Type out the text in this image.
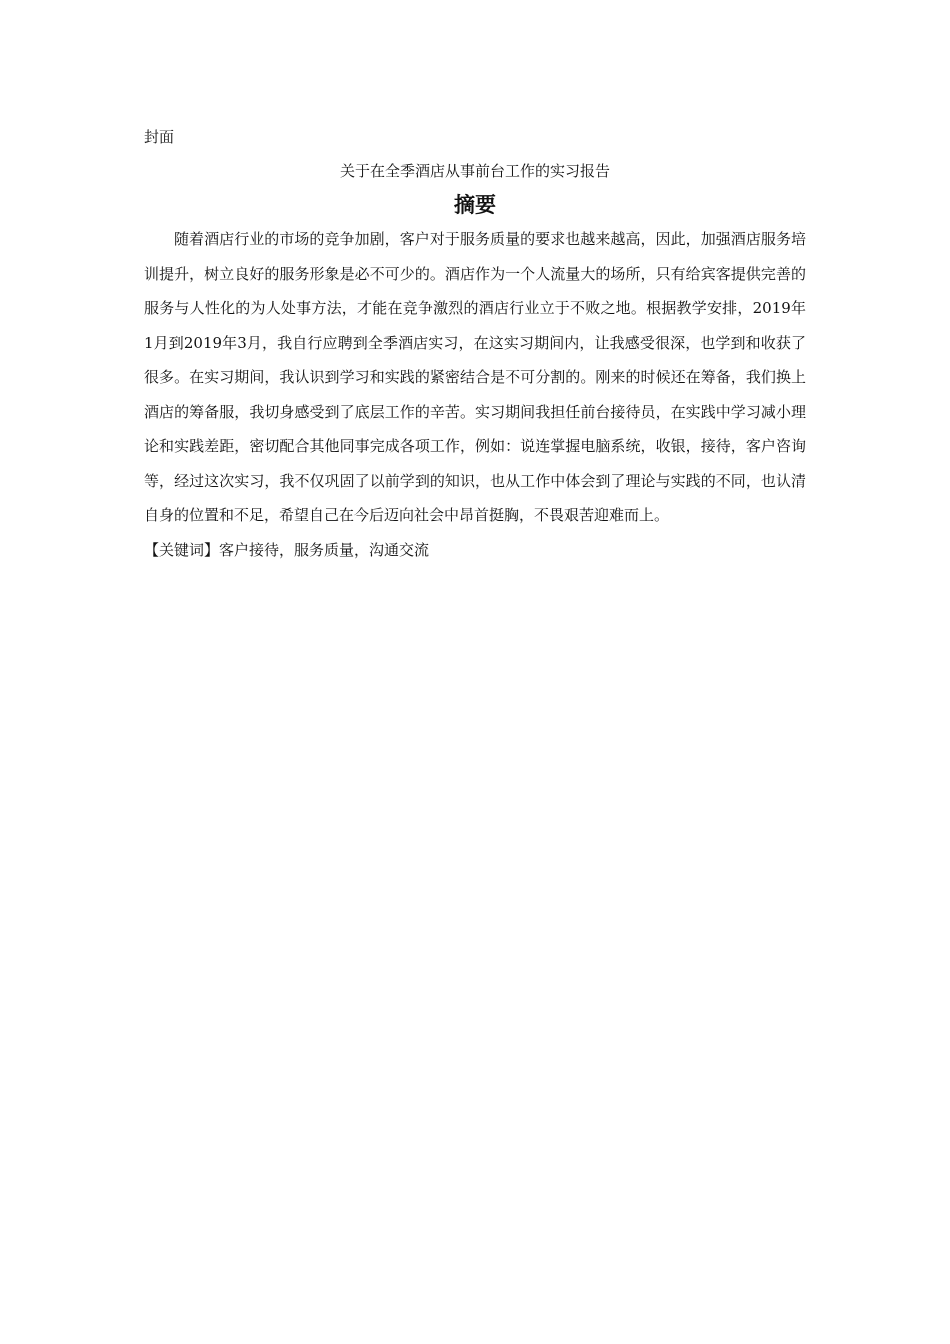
封面

关于在全季酒店从事前台工作的实习报告

摘要

随着酒店行业的市场的竞争加剧，客户对于服务质量的要求也越来越高，因此，加强酒店服务培训提升，树立良好的服务形象是必不可少的。酒店作为一个人流量大的场所，只有给宾客提供完善的服务与人性化的为人处事方法，才能在竞争激烈的酒店行业立于不败之地。根据教学安排，2019年1月到2019年3月，我自行应聘到全季酒店实习，在这实习期间内，让我感受很深，也学到和收获了很多。在实习期间，我认识到学习和实践的紧密结合是不可分割的。刚来的时候还在筹备，我们换上酒店的筹备服，我切身感受到了底层工作的辛苦。实习期间我担任前台接待员，在实践中学习减小理论和实践差距，密切配合其他同事完成各项工作，例如：说连掌握电脑系统，收银，接待，客户咨询等，经过这次实习，我不仅巩固了以前学到的知识，也从工作中体会到了理论与实践的不同，也认清自身的位置和不足，希望自己在今后迈向社会中昂首挺胸，不畏艰苦迎难而上。

【关键词】客户接待，服务质量，沟通交流
